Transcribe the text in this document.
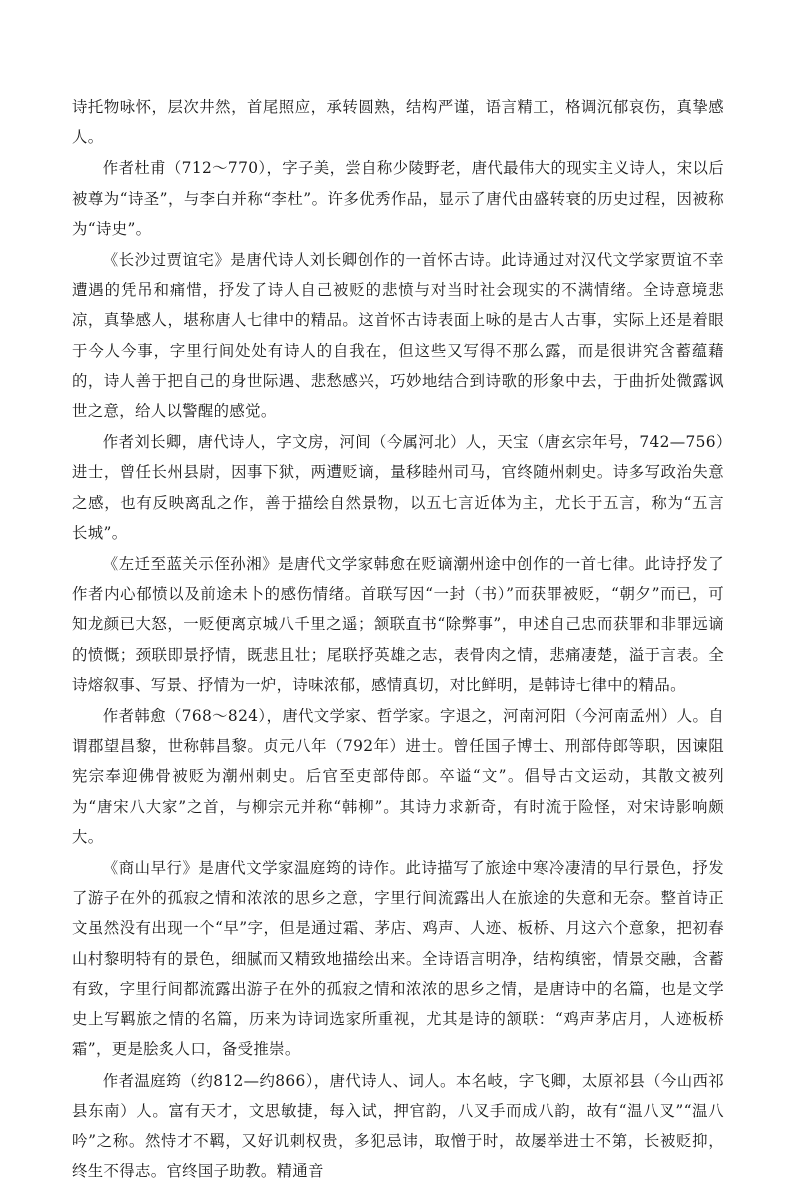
诗托物咏怀，层次井然，首尾照应，承转圆熟，结构严谨，语言精工，格调沉郁哀伤，真挚感人。

作者杜甫（712～770），字子美，尝自称少陵野老，唐代最伟大的现实主义诗人，宋以后被尊为“诗圣”，与李白并称“李杜”。许多优秀作品，显示了唐代由盛转衰的历史过程，因被称为“诗史”。

《长沙过贾谊宅》是唐代诗人刘长卿创作的一首怀古诗。此诗通过对汉代文学家贾谊不幸遭遇的凭吊和痛惜，抒发了诗人自己被贬的悲愤与对当时社会现实的不满情绪。全诗意境悲凉，真挚感人，堪称唐人七律中的精品。这首怀古诗表面上咏的是古人古事，实际上还是着眼于今人今事，字里行间处处有诗人的自我在，但这些又写得不那么露，而是很讲究含蓄蕴藉的，诗人善于把自己的身世际遇、悲愁感兴，巧妙地结合到诗歌的形象中去，于曲折处微露讽世之意，给人以警醒的感觉。

作者刘长卿，唐代诗人，字文房，河间（今属河北）人，天宝（唐玄宗年号，742—756）进士，曾任长州县尉，因事下狱，两遭贬谪，量移睦州司马，官终随州刺史。诗多写政治失意之感，也有反映离乱之作，善于描绘自然景物，以五七言近体为主，尤长于五言，称为“五言长城”。

《左迁至蓝关示侄孙湘》是唐代文学家韩愈在贬谪潮州途中创作的一首七律。此诗抒发了作者内心郁愤以及前途未卜的感伤情绪。首联写因“一封（书）”而获罪被贬，“朝夕”而已，可知龙颜已大怒，一贬便离京城八千里之遥；颔联直书“除弊事”，申述自己忠而获罪和非罪远谪的愤慨；颈联即景抒情，既悲且壮；尾联抒英雄之志，表骨肉之情，悲痛凄楚，溢于言表。全诗熔叙事、写景、抒情为一炉，诗味浓郁，感情真切，对比鲜明，是韩诗七律中的精品。

作者韩愈（768～824），唐代文学家、哲学家。字退之，河南河阳（今河南孟州）人。自谓郡望昌黎，世称韩昌黎。贞元八年（792年）进士。曾任国子博士、刑部侍郎等职，因谏阻宪宗奉迎佛骨被贬为潮州刺史。后官至吏部侍郎。卒谥“文”。倡导古文运动，其散文被列为“唐宋八大家”之首，与柳宗元并称“韩柳”。其诗力求新奇，有时流于险怪，对宋诗影响颇大。

《商山早行》是唐代文学家温庭筠的诗作。此诗描写了旅途中寒冷凄清的早行景色，抒发了游子在外的孤寂之情和浓浓的思乡之意，字里行间流露出人在旅途的失意和无奈。整首诗正文虽然没有出现一个“早”字，但是通过霜、茅店、鸡声、人迹、板桥、月这六个意象，把初春山村黎明特有的景色，细腻而又精致地描绘出来。全诗语言明净，结构缜密，情景交融，含蓄有致，字里行间都流露出游子在外的孤寂之情和浓浓的思乡之情，是唐诗中的名篇，也是文学史上写羁旅之情的名篇，历来为诗词选家所重视，尤其是诗的颔联：“鸡声茅店月，人迹板桥霜”，更是脍炙人口，备受推崇。

作者温庭筠（约812—约866），唐代诗人、词人。本名岐，字飞卿，太原祁县（今山西祁县东南）人。富有天才，文思敏捷，每入试，押官韵，八叉手而成八韵，故有“温八叉”“温八吟”之称。然恃才不羁，又好讥刺权贵，多犯忌讳，取憎于时，故屡举进士不第，长被贬抑，终生不得志。官终国子助教。精通音
